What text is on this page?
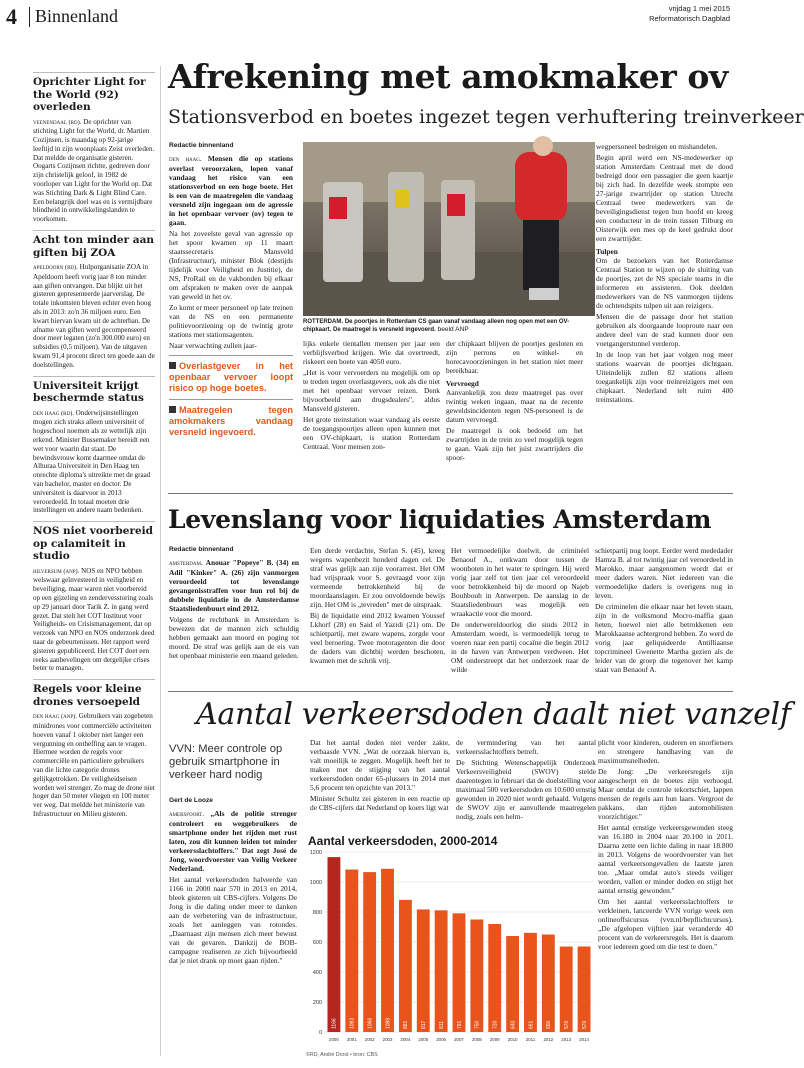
4 Binnenland	vrijdag 1 mei 2015
Reformatorisch Dagblad
Oprichter Light for the World (92) overleden

veenendaal (rd). De oprichter van stichting Light for the World, dr. Martien Cozijnsen, is maandag op 92-jarige leeftijd in zijn woonplaats Zeist overleden. Dat meldde de organisatie gisteren. Oogarts Cozijnsen richtte, gedreven door zijn christelijk geloof, in 1982 de voorloper van Light for the World op. Dat was Stichting Dark & Light Blind Care. Een belangrijk doel was en is vermijdbare blindheid in ontwikkelingslanden te voorkomen.

Acht ton minder aan giften bij ZOA

apeldoorn (rd). Hulporganisatie ZOA in Apeldoorn heeft vorig jaar 8 ton minder aan giften ontvangen. Dat blijkt uit het gisteren gepresenteerde jaarverslag. De totale inkomsten bleven echter even hoog als in 2013: zo'n 36 miljoen euro. Een kwart hiervan kwam uit de achterban. De afname van giften werd gecompenseerd door meer legaten (zo'n 300.000 euro) en subsidies (0,5 miljoen). Van de uitgaven kwam 91,4 procent direct ten goede aan de doelstellingen.

Universiteit krijgt beschermde status

den haag (rd). Onderwijsinstellingen mogen zich straks alleen universiteit of hogeschool noemen als ze wettelijk zijn erkend. Minister Bussemaker bereidt een wet voor waarin dat staat. De bewindsvrouw komt daarmee omdat de Alhuraa Universiteit in Den Haag ten onrechte diploma's uitreikte met de graad van bachelor, master en doctor. De universiteit is daarvoor in 2013 veroordeeld. In totaal moeten drie instellingen en andere naam bedenken.

NOS niet voorbereid op calamiteit in studio

hilversum (anp). NOS en NPO hebben welswaar geïnvesteerd in veiligheid en beveiliging, maar waren niet voorbereid op een gijzeling en zendervesstoring zoals op 29 januari door Tarik Z. in gang werd gezet. Dat stelt het COT Instituut voor Veiligheids- en Crisismanagement, dat op verzoek van NPO en NOS onderzoek deed naar de gebeurtenissen. Het rapport werd gisteren gepubliceerd. Het COT doet een reeks aanbevelingen om dergelijke crises beter te managen.

Regels voor kleine drones versoepeld

den haag (anp). Gebruikers van zogeheten minidrones voor commerciële activiteiten hoeven vanaf 1 oktober niet langer een vergunning en ontheffing aan te vragen. Hiermee worden de regels voor commerciële en particuliere gebruikers van die lichte categorie drones gelijkgetrokken. De veiligheidseisen worden wel strenger. Zo mag de drone niet hoger dan 50 meter vliegen en 100 meter ver weg. Dat meldde het ministerie van Infrastructuur en Milieu gisteren.

Afrekening met amokmaker ov
Stationsverbod en boetes ingezet tegen verhuftering treinverkeer
Redactie binnenland

den haag. Mensen die op stations overlast veroorzaken, lopen vanaf vandaag het risico van een stationsverbod en een hoge boete. Het is een van de maatregelen die vandaag versneld zijn ingegaan om de agressie in het openbaar vervoer (ov) tegen te gaan.

Na het zoveelste geval van agressie op het spoor kwamen op 11 maart staatssecretaris Mansveld (Infrastructuur), minister Blok (destijds tijdelijk voor Veiligheid en Justitie), de NS, ProRail en de vakbonden bij elkaar om afspraken te maken over de aanpak van geweld in het ov.

Zo komt er meer personeel op late treinen van de NS en een permanente politievoorziening op de twintig grote stations met stationsagenten.

Naar verwachting zullen jaar-

Overlastgever in het openbaar vervoer loopt risico op hoge boetes.
Maatregelen tegen amokmakers vandaag versneld ingevoerd.
ROTTERDAM. De poortjes in Rotterdam CS gaan vanaf vandaag alleen nog open met een OV-chipkaart. De maatregel is versneld ingevoerd. beeld ANP

lijks enkele tientallen mensen per jaar een verblijfsverbod krijgen. Wie dat overtreedt, riskeert een boete van 4050 euro.

„Het is voor vervoerders nu mogelijk om op te treden tegen overlastgevers, ook als die niet met het openbaar vervoer reizen. Denk bijvoorbeeld aan drugsdealers", aldus Mansveld gisteren.

Het grote treinstation waar vandaag als eerste de toegangspoortjes alleen open kunnen met een OV-chipkaart, is station Rotterdam Centraal. Voor mensen zon-

der chipkaart blijven de poortjes gesloten en zijn perrons en winkel- en horecavoorzieningen in het station niet meer bereikbaar.

Vervroegd

Aanvankelijk zou deze maatregel pas over twintig weken ingaan, maar na de recente geweldsincidenten tegen NS-personeel is de datum vervroegd.

De maatregel is ook bedoeld om het zwartrijden in de trein zo veel mogelijk tegen te gaan. Vaak zijn het juist zwartrijders die spoor-

wegpersoneel bedreigen en mishandelen.

Begin april werd een NS-medewerker op station Amsterdam Centraal met de dood bedreigd door een passagier die geen kaartje bij zich had. In dezelfde week stompte een 27-jarige zwartrijder op station Utrecht Centraal twee medewerkers van de beveiligingsdienst tegen hun hoofd en kreeg een conducteur in de trein tussen Tilburg en Oisterwijk een mes op de keel gedrukt door een zwartrijder.

Tulpen

Om de bezoekers van het Rotterdamse Centraal Station te wijzen op de sluiting van de poortjes, zet de NS speciale teams in die informeren en assisteren. Ook deelden medewerkers van de NS vanmorgen tijdens de ochtendspits tulpen uit aan reizigers.

Mensen die de passage door het station gebruiken als doorgaande looproute naar een andere deel van de stad kunnen door een voetgangerstunnel verderop.

In de loop van het jaar volgen nog meer stations waarvan de poortjes dichtgaan. Uiteindelijk zullen 82 stations alleen toegankelijk zijn voor treinreizigers met een chipkaart. Nederland telt ruim 400 treinstations.

Levenslang voor liquidaties Amsterdam
Redactie binnenland

amsterdam. Anouar "Popeye" B. (34) en Adil "Kinker" A. (26) zijn vanmorgen veroordeeld tot levenslange gevangenisstraffen voor hun rol bij de dubbele liquidatie in de Amsterdamse Staatsliedenbuurt eind 2012.

Volgens de rechtbank in Amsterdam is bewezen dat de mannen zich schuldig hebben gemaakt aan moord en poging tot moord. De straf was gelijk aan de eis van het openbaar ministerie een maand geleden.

Een derde verdachte, Stefan S. (45), kreeg wegens wapenbezit honderd dagen cel. De straf was gelijk aan zijn voorarrest. Het OM had vrijspraak voor S. gevraagd voor zijn vermeende betrokkenheid bij de moordaanslagen. Er zou onvoldoende bewijs zijn. Het OM is „tevreden" met de uitspraak.

Bij de liquidatie eind 2012 kwamen Youssef Lkhorf (28) en Said el Yazidi (21) om. De schietpartij, met zware wapens, zorgde voor veel beroering. Twee motoragenten die door de daders van dichtbij werden beschoten, kwamen met de schrik vrij.

Het vermoedelijke doelwit, de criminéel Benaouf A., ontkwam door tussen de woonboten in het water te springen. Hij werd vorig jaar zelf tot tien jaar cel veroordeeld voor betrokkenheid bij de moord op Najeb Bouhbouh in Antwerpen. De aanslag in de Staatsliedenbuurt was mogelijk een wraakactie voor die moord.

De onderwereldoorlog die sinds 2012 in Amsterdam woedt, is vermoedelijk terug te voeren naar een partij cocaïne die begin 2012 in de haven van Antwerpen verdween. Het OM onderstreept dat het onderzoek naar de wilde

schietpartij nog loopt. Eerder werd mededader Hamza B. al tot twintig jaar cel veroordeeld in Marokko, maar aangenomen wordt dat er meer daders waren. Niet iedereen van die vermoedelijke daders is overigens nog in leven.

De criminelen die elkaar naar het leven staan, zijn in de volksmond Mocro-maffia gaan heten, hoewel niet alle betrokkenen een Marokkaanse achtergrond hebben. Zo werd de vorig jaar geliquideerde Antilliaanse topcrimineel Gwenette Martha gezien als de leider van de groep die tegenover het kamp staat van Benaouf A.

Aantal verkeersdoden daalt niet vanzelf
VVN: Meer controle op gebruik smartphone in verkeer hard nodig
Gert de Looze

amersfoort. „Als de politie strenger controleert en weggebruikers de smartphone onder het rijden met rust laten, zou dit kunnen leiden tot minder verkeersslachtoffers." Dat zegt José de Jong, woordvoerster van Veilig Verkeer Nederland.

Het aantal verkeersdoden halveerde van 1166 in 2000 naar 570 in 2013 en 2014, bleek gisteren uit CBS-cijfers. Volgens De Jong is die daling onder meer te danken aan de verbetering van de infrastructuur, zoals het aanleggen van rotondes. „Daarnaast zijn mensen zich meer bewust van de gevaren. Dankzij de BOB-campagne realiseren ze zich bijvoorbeeld dat je niet drank op moet gaan rijden."

Dat het aantal doden niet verder zakte, verbaasde VVN. „Wat de oorzaak hiervan is, valt moeilijk te zeggen. Mogelijk heeft het te maken met de stijging van het aantal verkeersdoden onder 65-plussers in 2014 met 5,6 procent ten opzichte van 2013."

Minister Schultz zei gisteren in een reactie op de CBS-cijfers dat Nederland op koers ligt wat

de vermindering van het aantal verkeersslachtoffers betreft.

De Stichting Wetenschappelijk Onderzoek Verkeersveiligheid (SWOV) stelde daarentegen in februari dat de doelstelling voor maximaal 500 verkeersdoden en 10.600 ernstig gewonden in 2020 niet wordt gehaald. Volgens de SWOV zijn er aanvullende maatregelen nodig, zoals een helm-

plicht voor kinderen, ouderen en snorfietsers en strengere handhaving van de maximumsnelheden.

De Jong: „De verkeersregels zijn aangescherpt en de boetes zijn verhoogd. Maar omdat de controle tekortschiet, lappen mensen de regels aan hun laars. Vergroot de pakkans, dan rijden automobilisten voorzichtiger."

Het aantal ernstige verkeersgewonden steeg van 16.180 in 2004 naar 20.100 in 2011. Daarna zette een lichte daling in naar 18.800 in 2013. Volgens de woordvoerster van het aantal verkeersongevallen de laatste jaren toe. „Maar omdat auto's steeds veiliger worden, vallen er minder doden en stijgt het aantal ernstig gewonden."

Om het aantal verkeersslachtoffers te verkleinen, lanceerde VVN vorige week een onlineoffsicursus (vvn.nl/bepflichtcursus). „De afgelopen vijftien jaar veranderde 40 procent van de verkeersregels. Het is daarom voor iedereen goed om die test te doen."

Aantal verkeersdoden, 2000-2014
0
200
400
600
800
1000
1200
1166
2000
1083
2001
1066
2002
1088
2003
881
2004
817
2005
811
2006
791
2007
750
2008
720
2009
640
2010
661
2011
650
2012
570
2013
570
2014
©RD, André Dorst • bron: CBS
